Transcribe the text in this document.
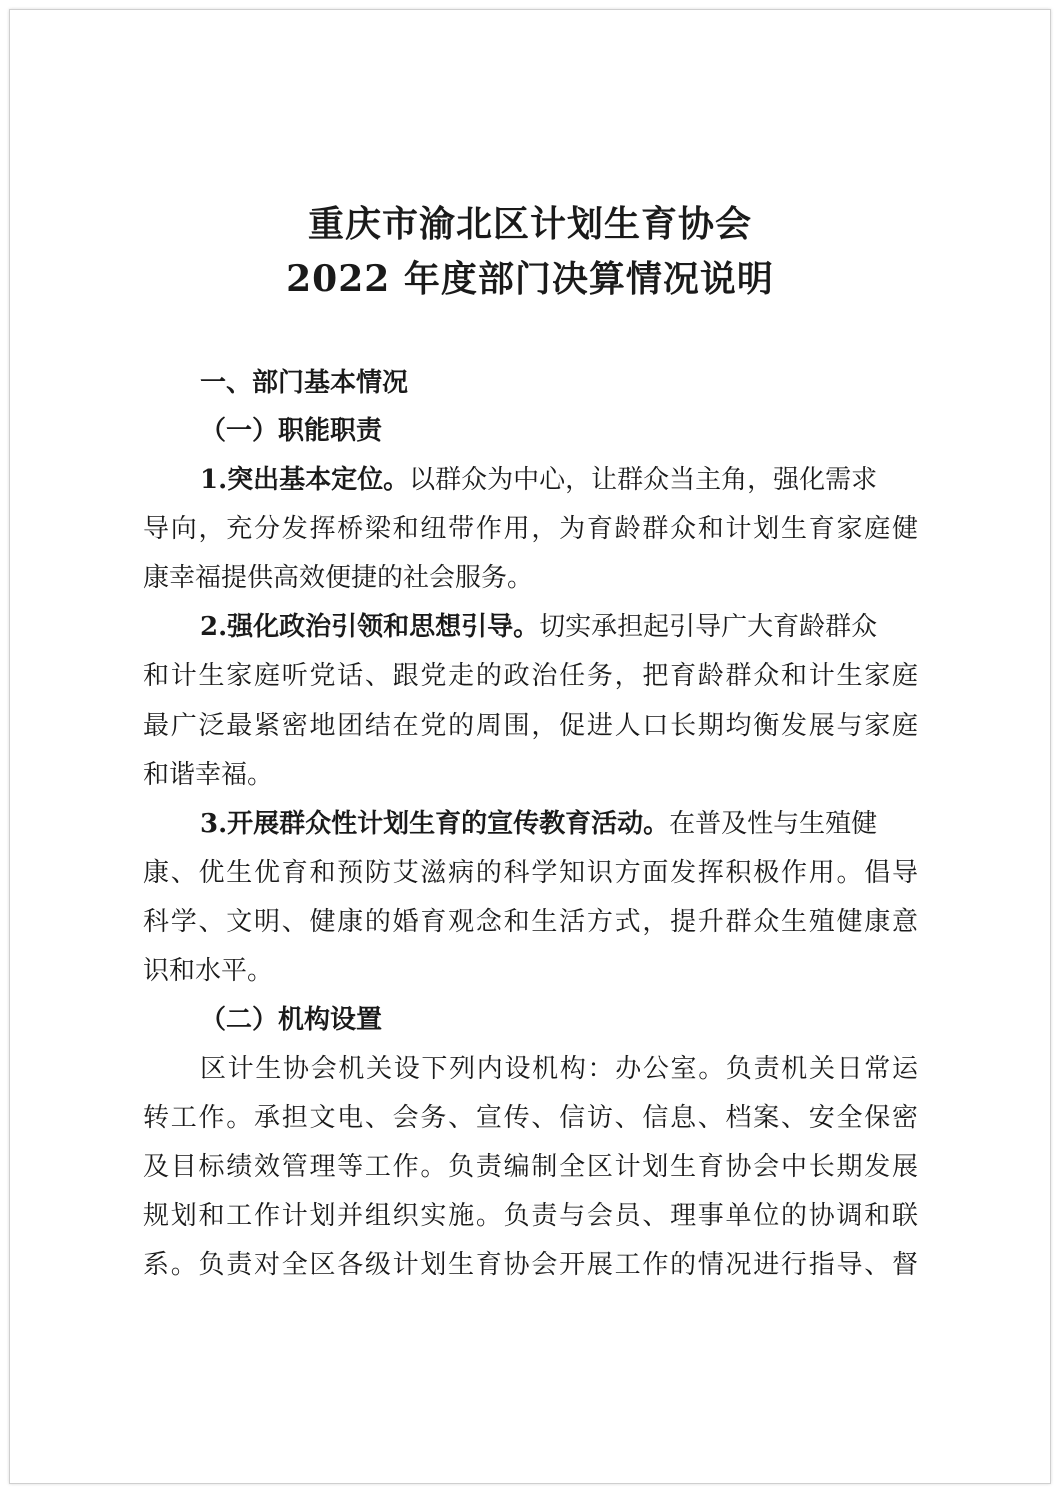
重庆市渝北区计划生育协会
2022 年度部门决算情况说明
一、部门基本情况
（一）职能职责
1.突出基本定位。以群众为中心，让群众当主角，强化需求
导向，充分发挥桥梁和纽带作用，为育龄群众和计划生育家庭健
康幸福提供高效便捷的社会服务。
2.强化政治引领和思想引导。切实承担起引导广大育龄群众
和计生家庭听党话、跟党走的政治任务，把育龄群众和计生家庭
最广泛最紧密地团结在党的周围，促进人口长期均衡发展与家庭
和谐幸福。
3.开展群众性计划生育的宣传教育活动。在普及性与生殖健
康、优生优育和预防艾滋病的科学知识方面发挥积极作用。倡导
科学、文明、健康的婚育观念和生活方式，提升群众生殖健康意
识和水平。
（二）机构设置
区计生协会机关设下列内设机构：办公室。负责机关日常运
转工作。承担文电、会务、宣传、信访、信息、档案、安全保密
及目标绩效管理等工作。负责编制全区计划生育协会中长期发展
规划和工作计划并组织实施。负责与会员、理事单位的协调和联
系。负责对全区各级计划生育协会开展工作的情况进行指导、督
